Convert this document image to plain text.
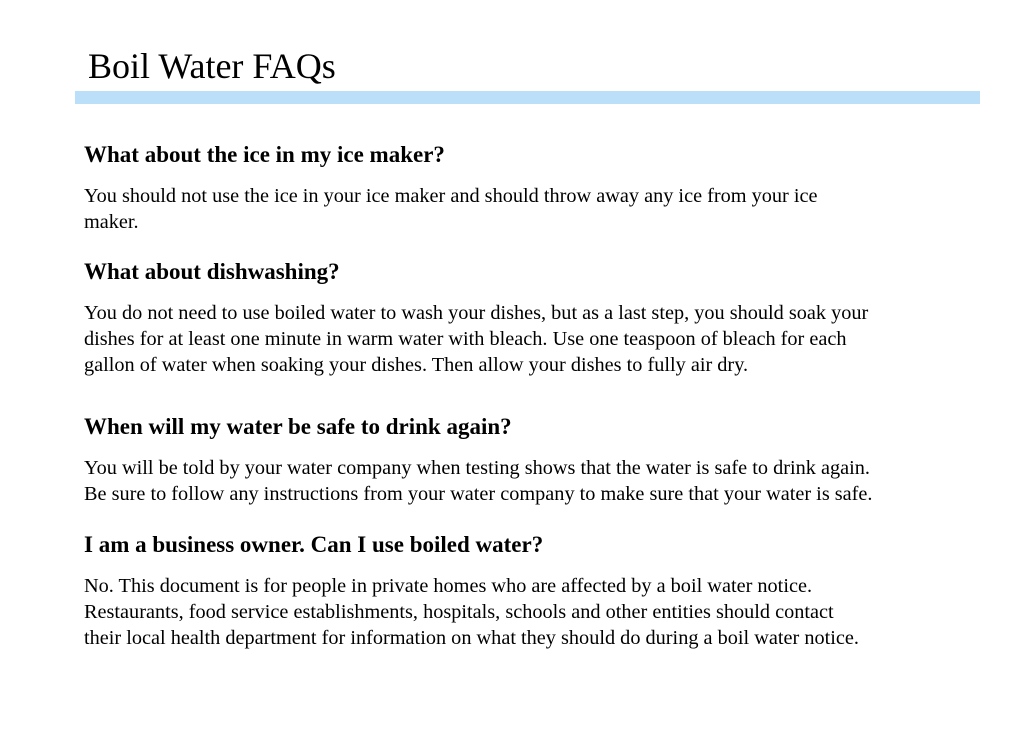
Boil Water FAQs
What about the ice in my ice maker?

You should not use the ice in your ice maker and should throw away any ice from your ice
maker.

What about dishwashing?

You do not need to use boiled water to wash your dishes, but as a last step, you should soak your
dishes for at least one minute in warm water with bleach. Use one teaspoon of bleach for each
gallon of water when soaking your dishes. Then allow your dishes to fully air dry.

When will my water be safe to drink again?

You will be told by your water company when testing shows that the water is safe to drink again.
Be sure to follow any instructions from your water company to make sure that your water is safe.

I am a business owner. Can I use boiled water?

No. This document is for people in private homes who are affected by a boil water notice.
Restaurants, food service establishments, hospitals, schools and other entities should contact
their local health department for information on what they should do during a boil water notice.
